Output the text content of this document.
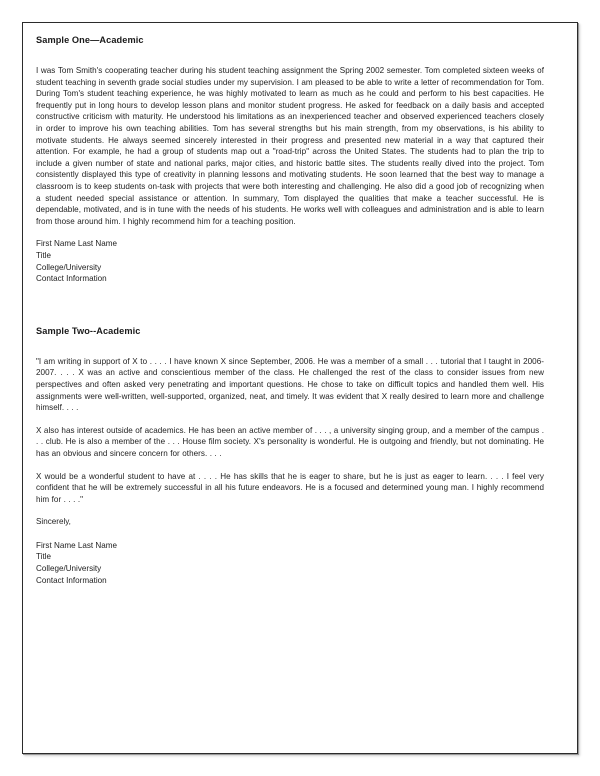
Sample One—Academic

I was Tom Smith's cooperating teacher during his student teaching assignment the Spring 2002 semester. Tom completed sixteen weeks of student teaching in seventh grade social studies under my supervision. I am pleased to be able to write a letter of recommendation for Tom. During Tom's student teaching experience, he was highly motivated to learn as much as he could and perform to his best capacities. He frequently put in long hours to develop lesson plans and monitor student progress. He asked for feedback on a daily basis and accepted constructive criticism with maturity. He understood his limitations as an inexperienced teacher and observed experienced teachers closely in order to improve his own teaching abilities. Tom has several strengths but his main strength, from my observations, is his ability to motivate students. He always seemed sincerely interested in their progress and presented new material in a way that captured their attention. For example, he had a group of students map out a "road-trip" across the United States. The students had to plan the trip to include a given number of state and national parks, major cities, and historic battle sites. The students really dived into the project. Tom consistently displayed this type of creativity in planning lessons and motivating students. He soon learned that the best way to manage a classroom is to keep students on-task with projects that were both interesting and challenging. He also did a good job of recognizing when a student needed special assistance or attention. In summary, Tom displayed the qualities that make a teacher successful. He is dependable, motivated, and is in tune with the needs of his students. He works well with colleagues and administration and is able to learn from those around him. I highly recommend him for a teaching position.

First Name Last Name
Title
College/University
Contact Information
Sample Two--Academic

"I am writing in support of X to . . . . I have known X since September, 2006. He was a member of a small . . . tutorial that I taught in 2006-2007. . . . X was an active and conscientious member of the class. He challenged the rest of the class to consider issues from new perspectives and often asked very penetrating and important questions. He chose to take on difficult topics and handled them well. His assignments were well-written, well-supported, organized, neat, and timely. It was evident that X really desired to learn more and challenge himself. . . .

X also has interest outside of academics. He has been an active member of . . . , a university singing group, and a member of the campus . . . club. He is also a member of the . . . House film society. X's personality is wonderful. He is outgoing and friendly, but not dominating. He has an obvious and sincere concern for others. . . .

X would be a wonderful student to have at . . . . He has skills that he is eager to share, but he is just as eager to learn. . . . I feel very confident that he will be extremely successful in all his future endeavors. He is a focused and determined young man. I highly recommend him for . . . ."

Sincerely,
First Name Last Name
Title
College/University
Contact Information
